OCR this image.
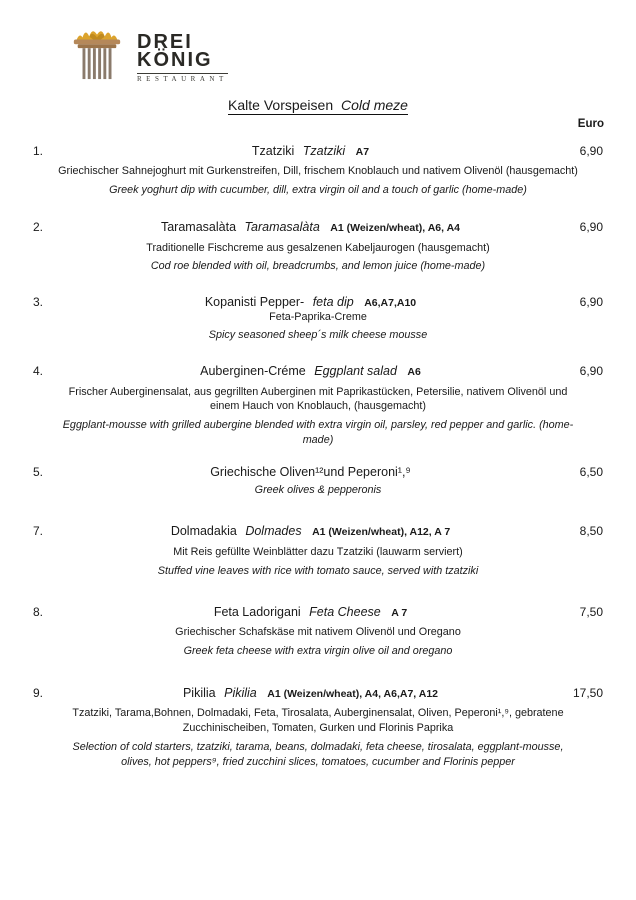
DREI
KÖNIG
RESTAURANT
Kalte Vorspeisen Cold meze
Euro
1.	Tzatziki Tzatziki A7	6,90
Griechischer Sahnejoghurt mit Gurkenstreifen, Dill, frischem Knoblauch und nativem Olivenöl (hausgemacht)
Greek yoghurt dip with cucumber, dill, extra virgin oil and a touch of garlic (home-made)
2.	Taramasalàta Taramasalàta A1 (Weizen/wheat), A6, A4	6,90
Traditionelle Fischcreme aus gesalzenen Kabeljaurogen (hausgemacht)
Cod roe blended with oil, breadcrumbs, and lemon juice (home-made)
3.	Kopanisti Pepper- feta dip A6,A7,A10	6,90
Feta-Paprika-Creme
Spicy seasoned sheep´s milk cheese mousse
4.	Auberginen-Créme Eggplant salad A6	6,90
Frischer Auberginensalat, aus gegrillten Auberginen mit Paprikastücken, Petersilie, nativem Olivenöl und einem Hauch von Knoblauch, (hausgemacht)
Eggplant-mousse with grilled aubergine blended with extra virgin oil, parsley, red pepper and garlic. (home-made)
5.	Griechische Oliven¹²und Peperoni¹,⁹	6,50
Greek olives & pepperonis
7.	Dolmadakia Dolmades A1 (Weizen/wheat), A12, A 7	8,50
Mit Reis gefüllte Weinblätter dazu Tzatziki (lauwarm serviert)
Stuffed vine leaves with rice with tomato sauce, served with tzatziki
8.	Feta Ladorigani Feta Cheese A 7	7,50
Griechischer Schafskäse mit nativem Olivenöl und Oregano
Greek feta cheese with extra virgin olive oil and oregano
9.	Pikilia Pikilia A1 (Weizen/wheat), A4, A6,A7, A12	17,50
Tzatziki, Tarama,Bohnen, Dolmadaki, Feta, Tirosalata, Auberginensalat, Oliven, Peperoni¹,⁹, gebratene Zucchinischeiben, Tomaten, Gurken und Florinis Paprika
Selection of cold starters, tzatziki, tarama, beans, dolmadaki, feta cheese, tirosalata, eggplant-mousse, olives, hot peppers⁹, fried zucchini slices, tomatoes, cucumber and Florinis pepper
